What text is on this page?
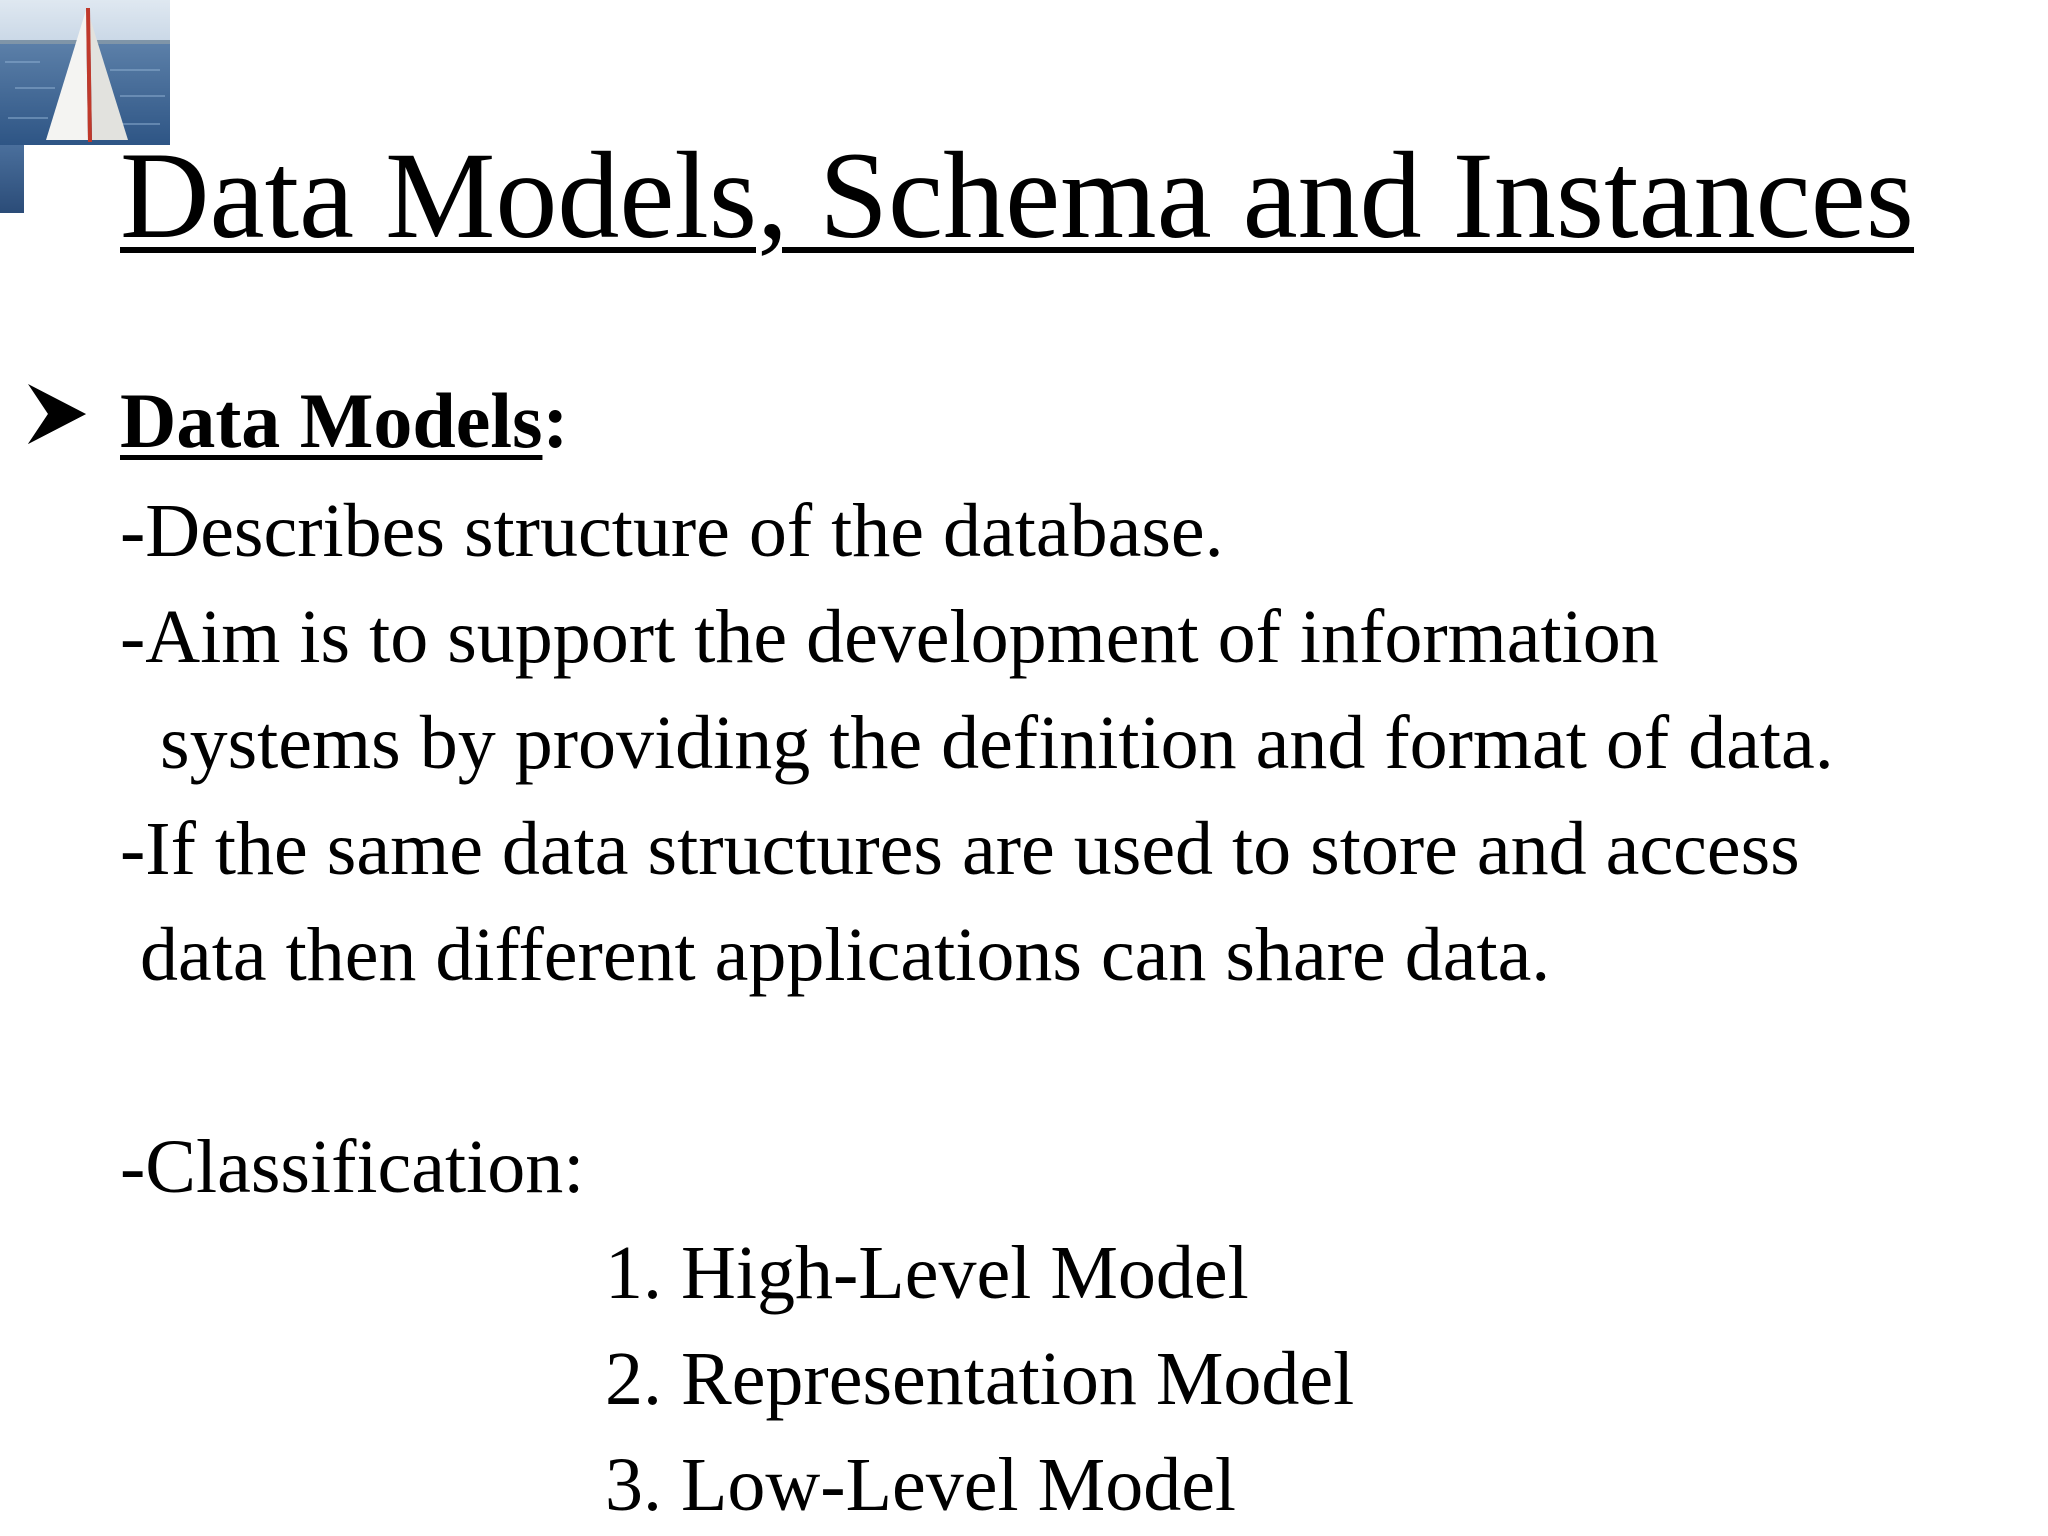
Data Models, Schema and Instances
Data Models:
-Describes structure of the database.
-Aim is to support the development of information
systems by providing the definition and format of data.
-If the same data structures are used to store and access
data then different applications can share data.
-Classification:
1. High-Level Model
2. Representation Model
3. Low-Level Model
